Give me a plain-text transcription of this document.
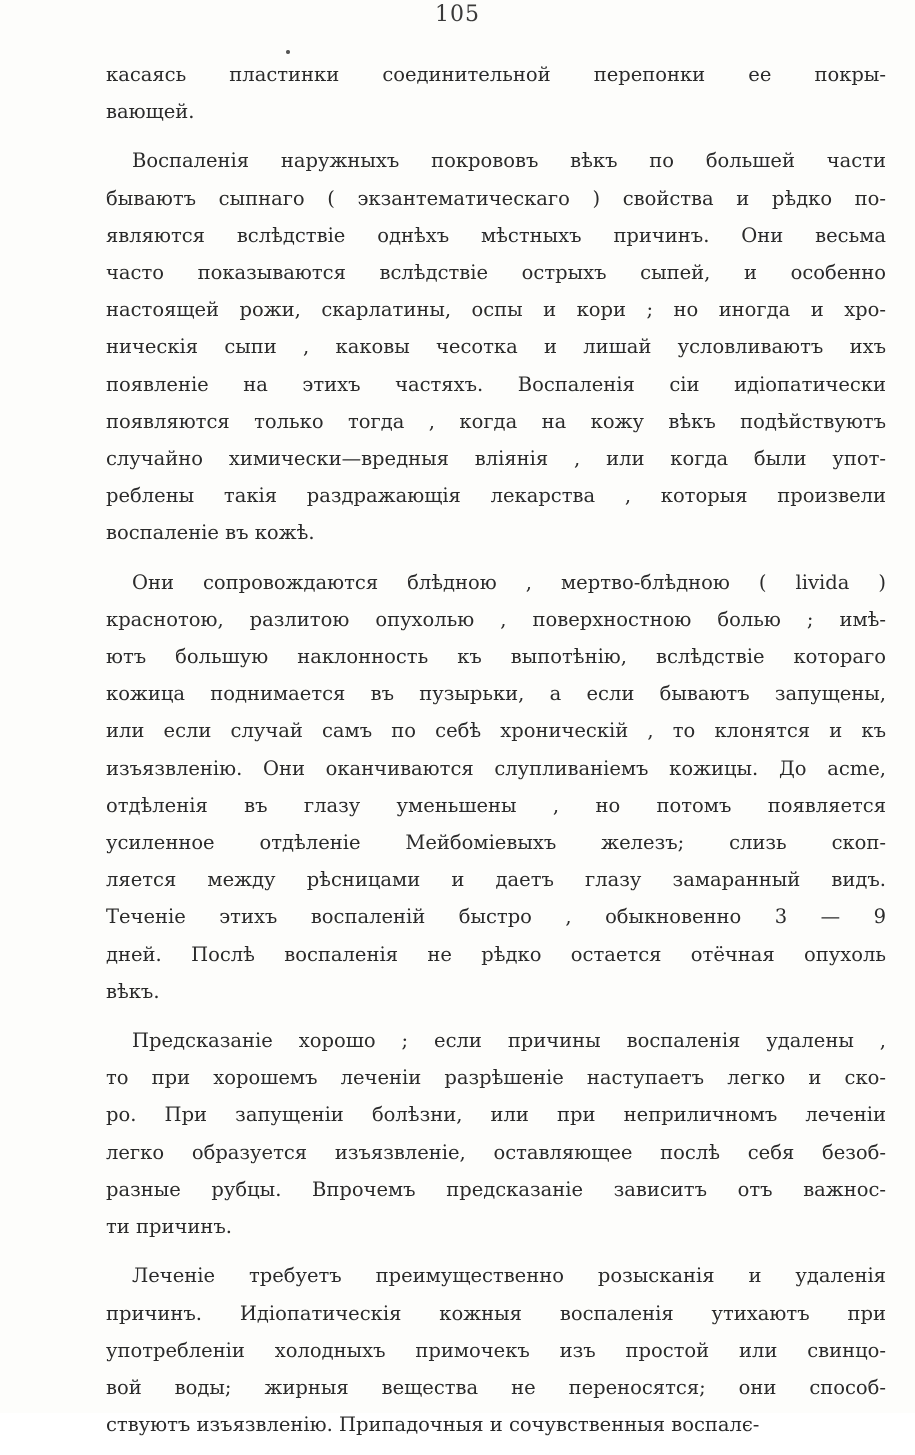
105
касаясь пластинки соединительной перепонки ее покры-
вающей.
Воспаленія наружныхъ покрововъ вѣкъ по большей части
бываютъ сыпнаго ( экзантематическаго ) свойства и рѣдко по-
являются вслѣдствіе однѣхъ мѣстныхъ причинъ. Они весьма
часто показываются вслѣдствіе острыхъ сыпей, и особенно
настоящей рожи, скарлатины, оспы и кори ; но иногда и хро-
ническія сыпи , каковы чесотка и лишай условливаютъ ихъ
появленіе на этихъ частяхъ. Воспаленія сіи идіопатически
появляются только тогда , когда на кожу вѣкъ подѣйствуютъ
случайно химически—вредныя вліянія , или когда были упот-
реблены такія раздражающія лекарства , которыя произвели
воспаленіе въ кожѣ.
Они сопровождаются блѣдною , мертво-блѣдною ( livida )
краснотою, разлитою опухолью , поверхностною болью ; имѣ-
ютъ большую наклонность къ выпотѣнію, вслѣдствіе котораго
кожица поднимается въ пузырьки, а если бываютъ запущены,
или если случай самъ по себѣ хроническій , то клонятся и къ
изъязвленію. Они оканчиваются слупливаніемъ кожицы. До acme,
отдѣленія въ глазу уменьшены , но потомъ появляется
усиленное отдѣленіе Мейбоміевыхъ железъ; слизь скоп-
ляется между рѣсницами и даетъ глазу замаранный видъ.
Теченіе этихъ воспаленій быстро , обыкновенно 3 — 9
дней. Послѣ воспаленія не рѣдко остается отёчная опухоль
вѣкъ.
Предсказаніе хорошо ; если причины воспаленія удалены ,
то при хорошемъ леченіи разрѣшеніе наступаетъ легко и ско-
ро. При запущеніи болѣзни, или при неприличномъ леченіи
легко образуется изъязвленіе, оставляющее послѣ себя безоб-
разные рубцы. Впрочемъ предсказаніе зависитъ отъ важнос-
ти причинъ.
Леченіе требуетъ преимущественно розысканія и удаленія
причинъ. Идіопатическія кожныя воспаленія утихаютъ при
употребленіи холодныхъ примочекъ изъ простой или свинцо-
вой воды; жирныя вещества не переносятся; они способ-
ствуютъ изъязвленію. Припадочныя и сочувственныя воспалє-
